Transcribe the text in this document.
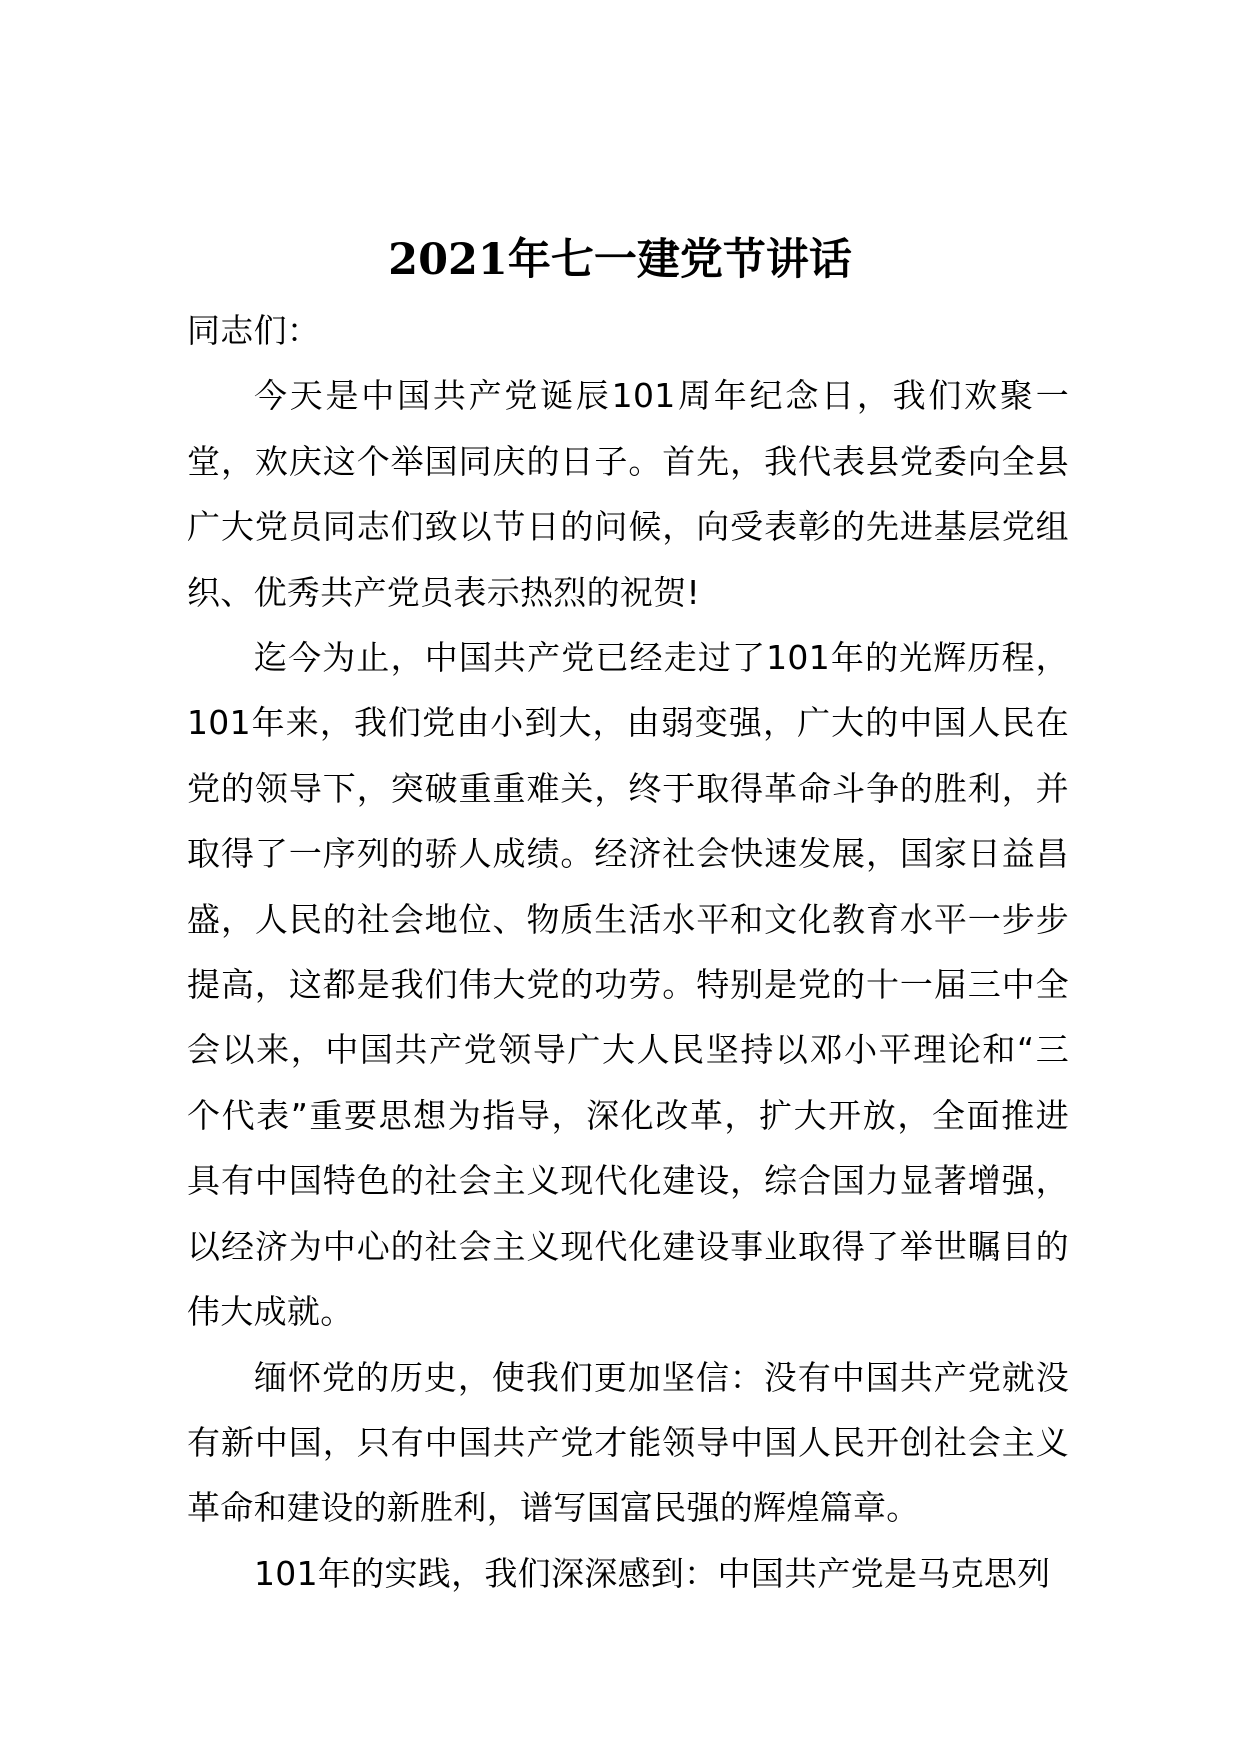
2021年七一建党节讲话

同志们：

今天是中国共产党诞辰101周年纪念日，我们欢聚一堂，欢庆这个举国同庆的日子。首先，我代表县党委向全县广大党员同志们致以节日的问候，向受表彰的先进基层党组织、优秀共产党员表示热烈的祝贺!

迄今为止，中国共产党已经走过了101年的光辉历程，101年来，我们党由小到大，由弱变强，广大的中国人民在党的领导下，突破重重难关，终于取得革命斗争的胜利，并取得了一序列的骄人成绩。经济社会快速发展，国家日益昌盛，人民的社会地位、物质生活水平和文化教育水平一步步提高，这都是我们伟大党的功劳。特别是党的十一届三中全会以来，中国共产党领导广大人民坚持以邓小平理论和“三个代表”重要思想为指导，深化改革，扩大开放，全面推进具有中国特色的社会主义现代化建设，综合国力显著增强，以经济为中心的社会主义现代化建设事业取得了举世瞩目的伟大成就。

缅怀党的历史，使我们更加坚信：没有中国共产党就没有新中国，只有中国共产党才能领导中国人民开创社会主义革命和建设的新胜利，谱写国富民强的辉煌篇章。

101年的实践，我们深深感到：中国共产党是马克思列
